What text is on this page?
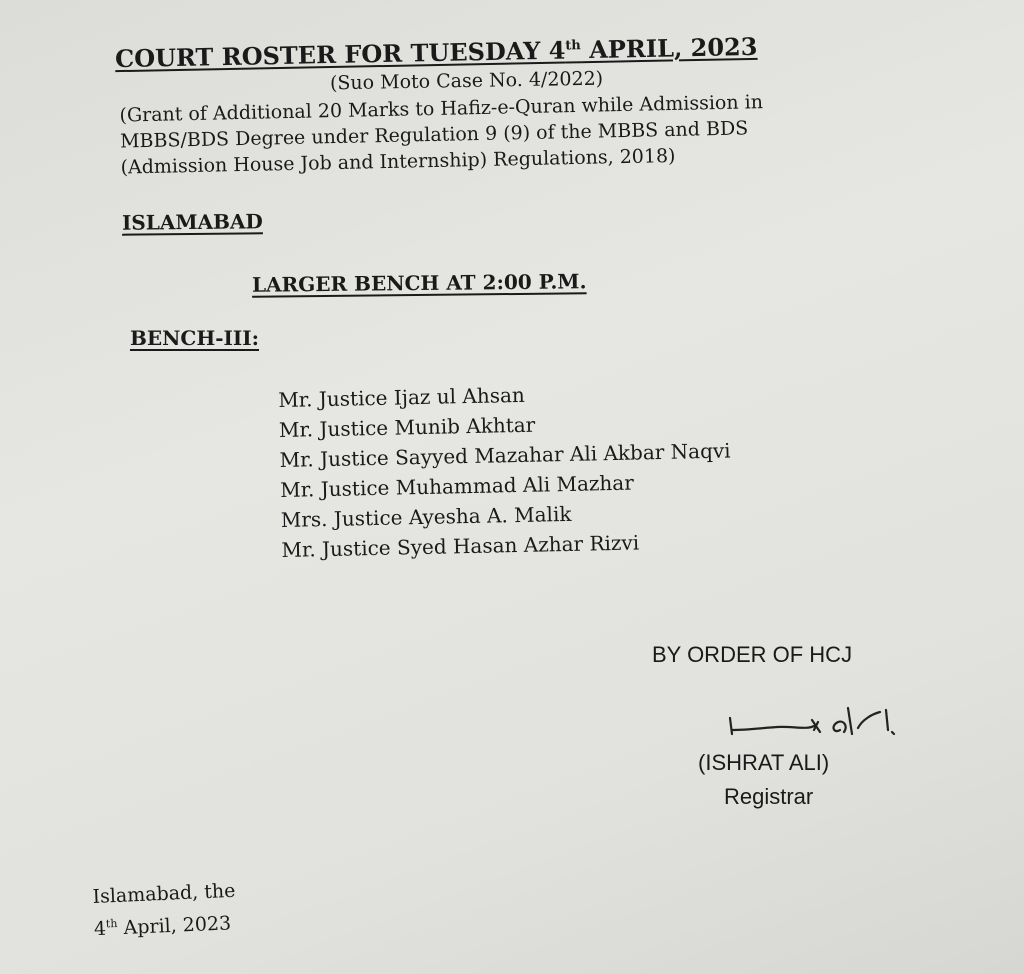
COURT ROSTER FOR TUESDAY 4th APRIL, 2023
(Suo Moto Case No. 4/2022)
(Grant of Additional 20 Marks to Hafiz-e-Quran while Admission in
MBBS/BDS Degree under Regulation 9 (9) of the MBBS and BDS
(Admission House Job and Internship) Regulations, 2018)
ISLAMABAD
LARGER BENCH AT 2:00 P.M.
BENCH-III:
Mr. Justice Ijaz ul Ahsan
Mr. Justice Munib Akhtar
Mr. Justice Sayyed Mazahar Ali Akbar Naqvi
Mr. Justice Muhammad Ali Mazhar
Mrs. Justice Ayesha A. Malik
Mr. Justice Syed Hasan Azhar Rizvi
BY ORDER OF HCJ
(ISHRAT ALI)
Registrar
Islamabad, the
4th April, 2023
